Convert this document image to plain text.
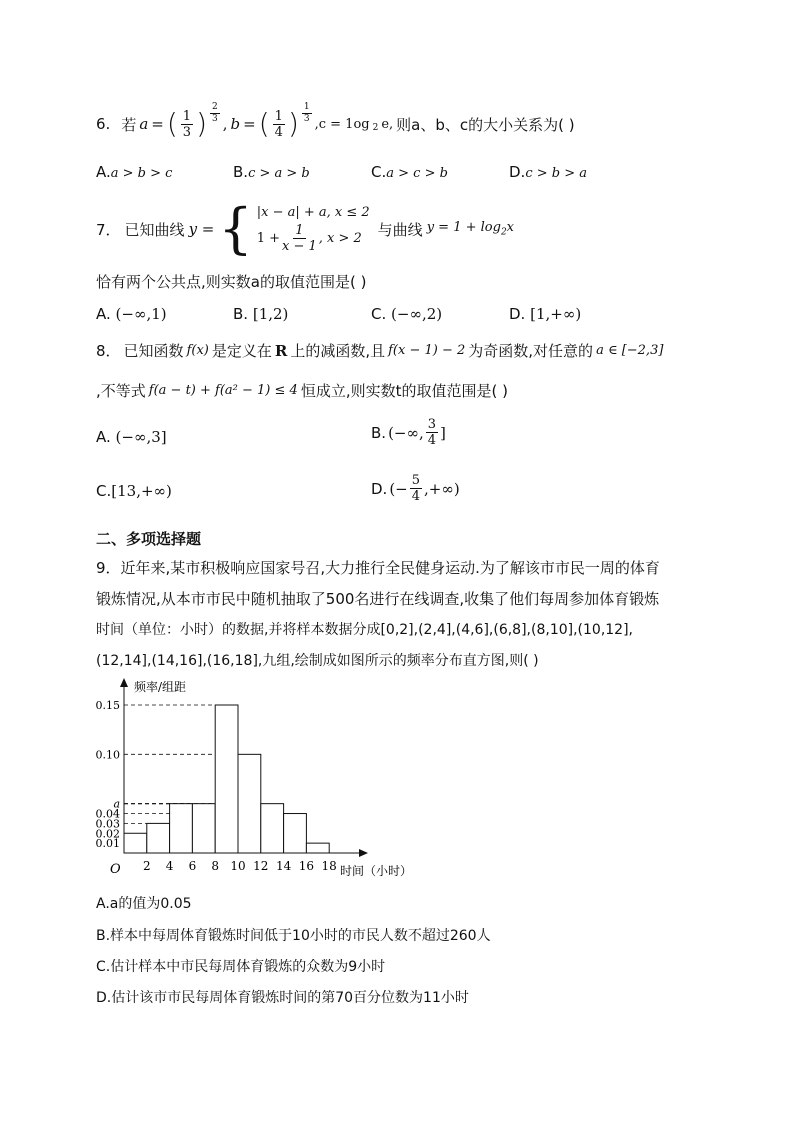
6. 若 a = ( $\frac{1}{3}$ ) $\frac{2}{3}$
, b = ( $\frac{1}{4}$ ) $\frac{1}{3}$
,c = 1og 2 e, 则a、b、c的大小关系为( )
A.a > b > c	B.c > a > b	C.a > c > b	D.c > b > a
7． 已知曲线 y = { |x − a| + a, x ≤ 2
$1 + \frac{1}{x - 1}$ , x > 2 与曲线 $y = 1 + \log_2x$
恰有两个公共点,则实数a的取值范围是( )
A. (−∞,1)	B. [1,2)	C. (−∞,2)	D. [1,+∞)
8． 已知函数 f(x) 是定义在 R 上的减函数,且 f(x − 1) − 2 为奇函数,对任意的 a ∈ [−2,3]
,不等式 f(a − t) + f(a² − 1) ≤ 4 恒成立,则实数t的取值范围是( )
A. (−∞,3]	B. (−∞, $\frac{3}{4}$ ]
C.[13,+∞)	D. (− $\frac{5}{4}$ ,+∞)
二、多项选择题
9．近年来,某市积极响应国家号召,大力推行全民健身运动.为了解该市市民一周的体育
锻炼情况,从本市市民中随机抽取了500名进行在线调查,收集了他们每周参加体育锻炼
时间（单位：小时）的数据,并将样本数据分成[0,2],(2,4],(4,6],(6,8],(8,10],(10,12],
(12,14],(14,16],(16,18],九组,绘制成如图所示的频率分布直方图,则( )
频率/组距
时间（小时）
O
0.01
0.02
0.03
0.04
a
0.10
0.15
2 4 6 8 10 12 14 16 18
A.a的值为0.05
B.样本中每周体育锻炼时间低于10小时的市民人数不超过260人
C.估计样本中市民每周体育锻炼的众数为9小时
D.估计该市市民每周体育锻炼时间的第70百分位数为11小时
